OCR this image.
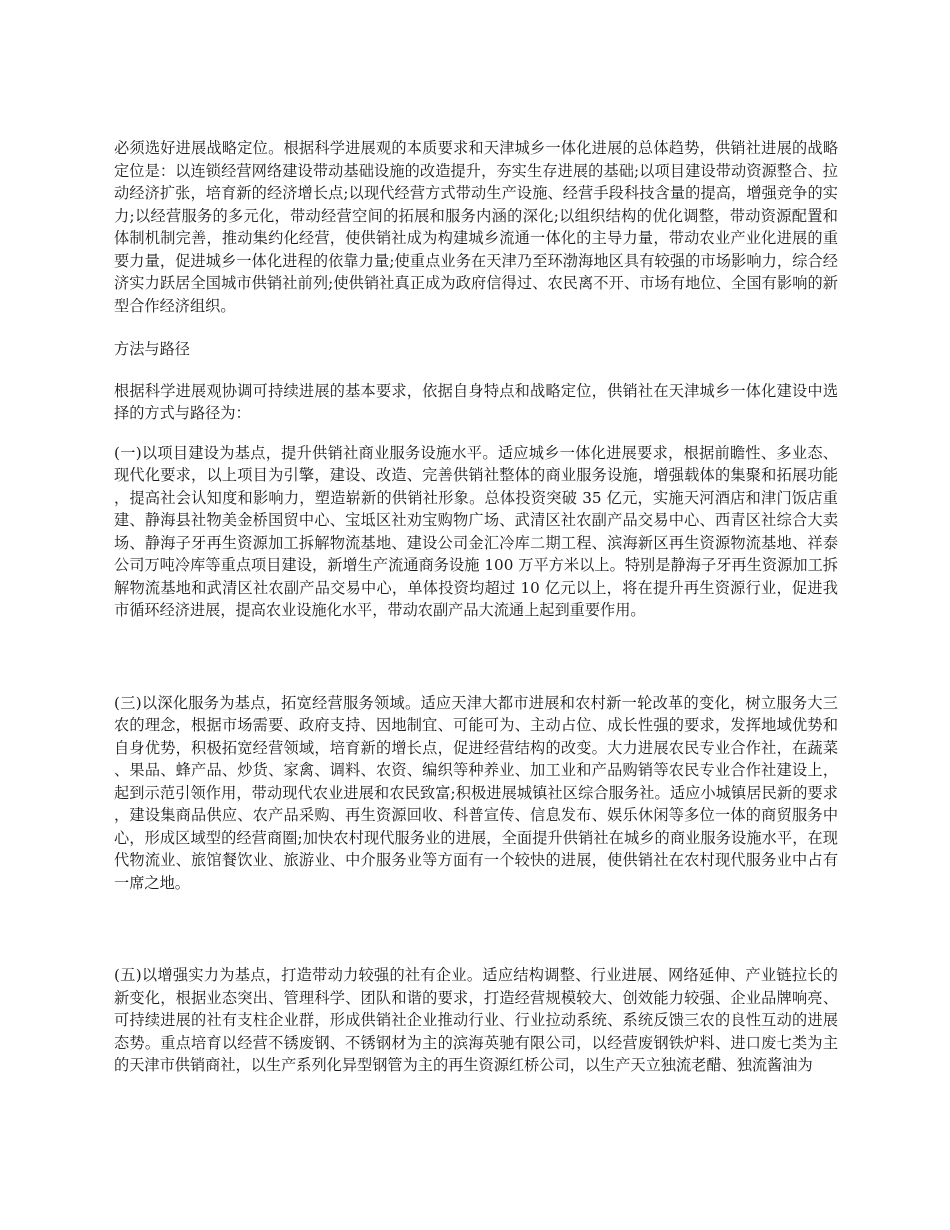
必须选好进展战略定位。根据科学进展观的本质要求和天津城乡一体化进展的总体趋势，供销社进展的战略定位是：以连锁经营网络建设带动基础设施的改造提升，夯实生存进展的基础;以项目建设带动资源整合、拉动经济扩张，培育新的经济增长点;以现代经营方式带动生产设施、经营手段科技含量的提高，增强竞争的实力;以经营服务的多元化，带动经营空间的拓展和服务内涵的深化;以组织结构的优化调整，带动资源配置和体制机制完善，推动集约化经营，使供销社成为构建城乡流通一体化的主导力量，带动农业产业化进展的重要力量，促进城乡一体化进程的依靠力量;使重点业务在天津乃至环渤海地区具有较强的市场影响力，综合经济实力跃居全国城市供销社前列;使供销社真正成为政府信得过、农民离不开、市场有地位、全国有影响的新型合作经济组织。

方法与路径

根据科学进展观协调可持续进展的基本要求，依据自身特点和战略定位，供销社在天津城乡一体化建设中选择的方式与路径为：

(一)以项目建设为基点，提升供销社商业服务设施水平。适应城乡一体化进展要求，根据前瞻性、多业态、现代化要求，以上项目为引擎，建设、改造、完善供销社整体的商业服务设施，增强载体的集聚和拓展功能，提高社会认知度和影响力，塑造崭新的供销社形象。总体投资突破 35 亿元，实施天河酒店和津门饭店重建、静海县社物美金桥国贸中心、宝坻区社劝宝购物广场、武清区社农副产品交易中心、西青区社综合大卖场、静海子牙再生资源加工拆解物流基地、建设公司金汇冷库二期工程、滨海新区再生资源物流基地、祥泰公司万吨冷库等重点项目建设，新增生产流通商务设施 100 万平方米以上。特别是静海子牙再生资源加工拆解物流基地和武清区社农副产品交易中心，单体投资均超过 10 亿元以上，将在提升再生资源行业，促进我市循环经济进展，提高农业设施化水平，带动农副产品大流通上起到重要作用。

(三)以深化服务为基点，拓宽经营服务领域。适应天津大都市进展和农村新一轮改革的变化，树立服务大三农的理念，根据市场需要、政府支持、因地制宜、可能可为、主动占位、成长性强的要求，发挥地域优势和自身优势，积极拓宽经营领域，培育新的增长点，促进经营结构的改变。大力进展农民专业合作社，在蔬菜、果品、蜂产品、炒货、家禽、调料、农资、编织等种养业、加工业和产品购销等农民专业合作社建设上，起到示范引领作用，带动现代农业进展和农民致富;积极进展城镇社区综合服务社。适应小城镇居民新的要求，建设集商品供应、农产品采购、再生资源回收、科普宣传、信息发布、娱乐休闲等多位一体的商贸服务中心，形成区域型的经营商圈;加快农村现代服务业的进展，全面提升供销社在城乡的商业服务设施水平，在现代物流业、旅馆餐饮业、旅游业、中介服务业等方面有一个较快的进展，使供销社在农村现代服务业中占有一席之地。

(五)以增强实力为基点，打造带动力较强的社有企业。适应结构调整、行业进展、网络延伸、产业链拉长的新变化，根据业态突出、管理科学、团队和谐的要求，打造经营规模较大、创效能力较强、企业品牌响亮、可持续进展的社有支柱企业群，形成供销社企业推动行业、行业拉动系统、系统反馈三农的良性互动的进展态势。重点培育以经营不锈废钢、不锈钢材为主的滨海英驰有限公司，以经营废钢铁炉料、进口废七类为主的天津市供销商社，以生产系列化异型钢管为主的再生资源红桥公司，以生产天立独流老醋、独流酱油为
